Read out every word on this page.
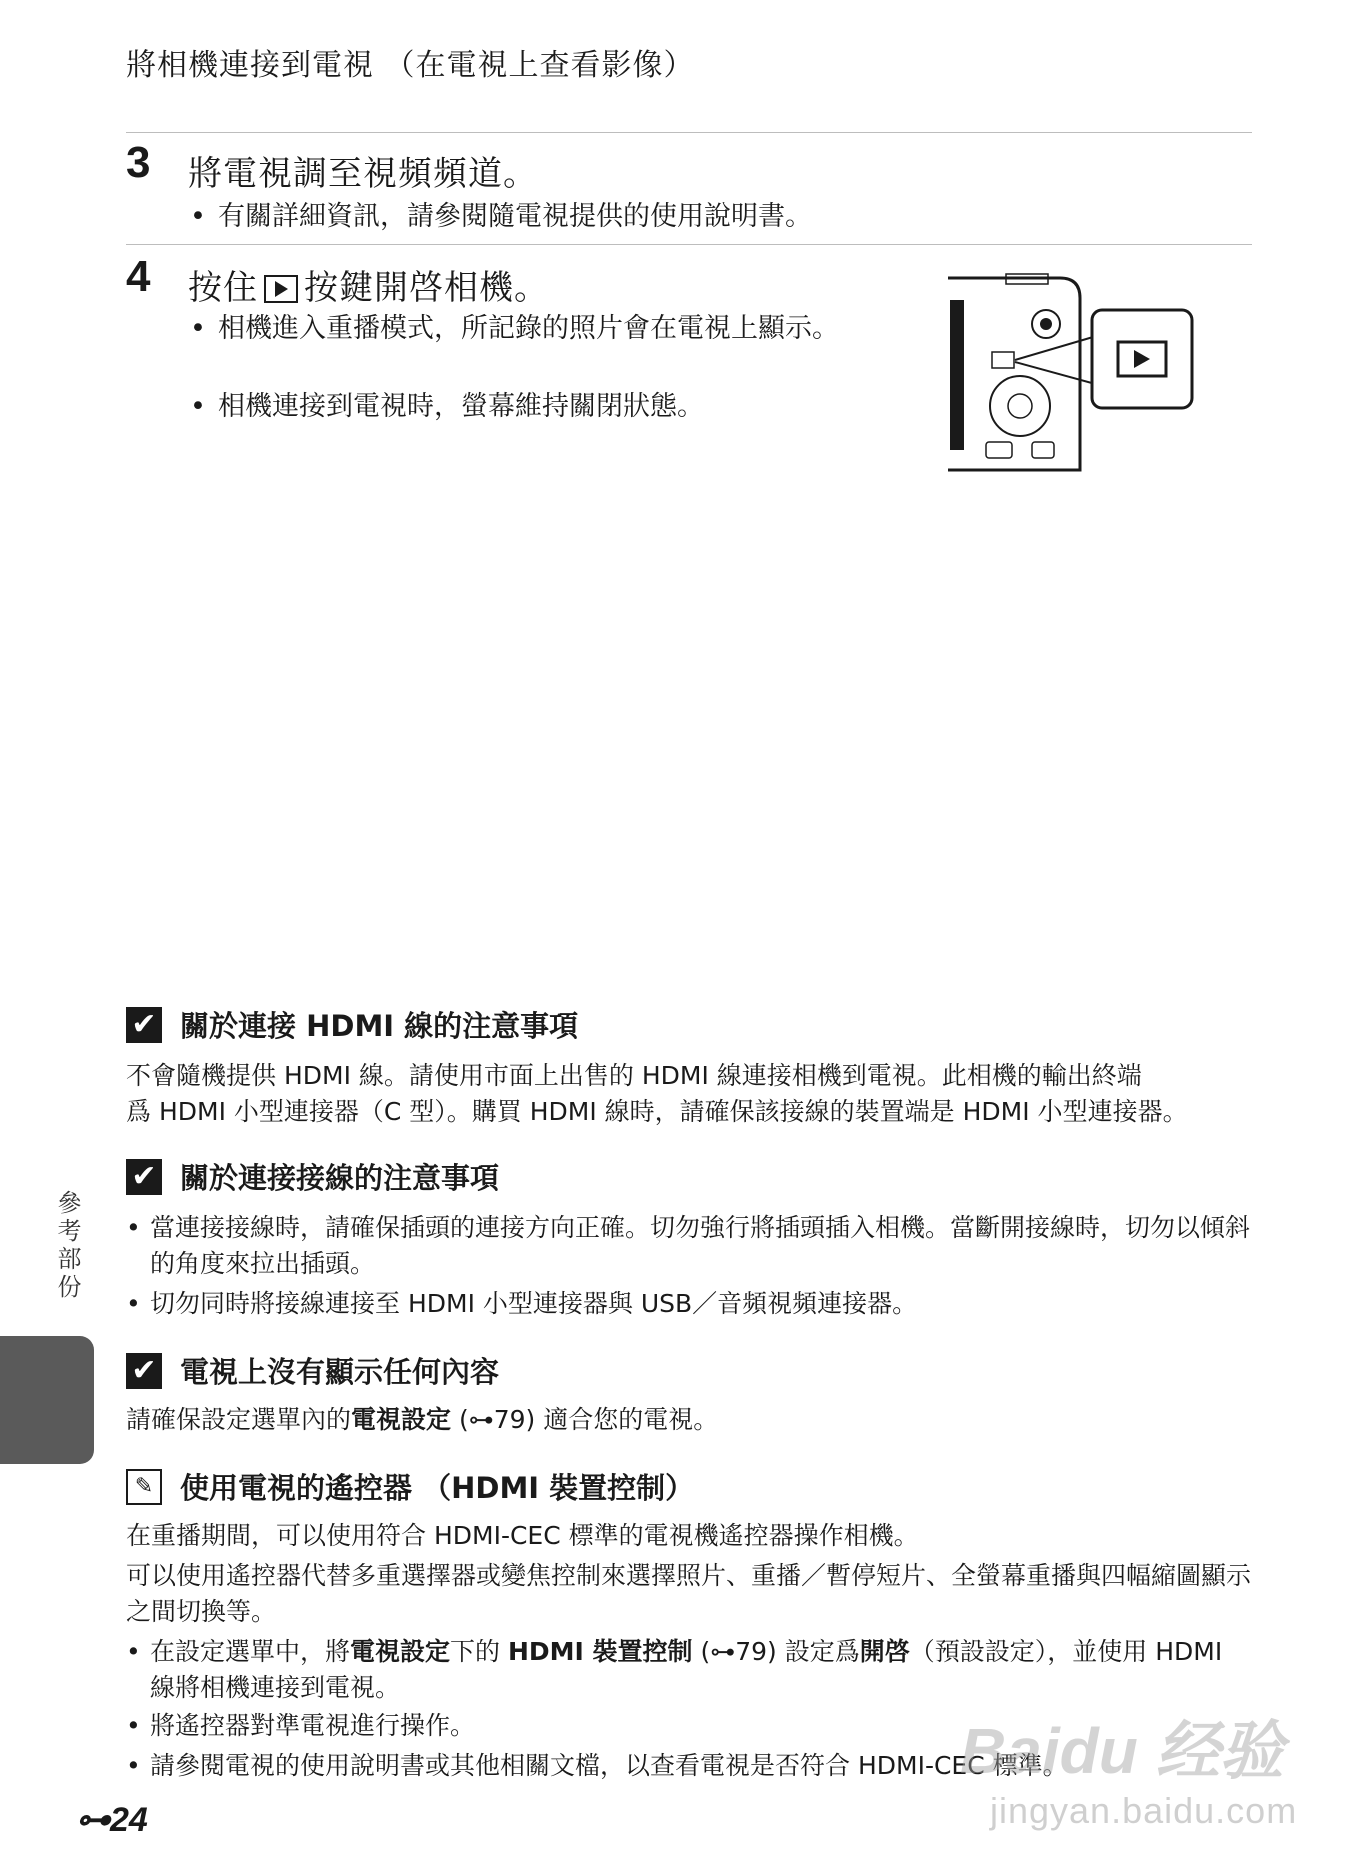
將相機連接到電視 （在電視上查看影像）
3 將電視調至視頻頻道。
• 有關詳細資訊，請參閱隨電視提供的使用說明書。
4 按住 按鍵開啓相機。
• 相機進入重播模式，所記錄的照片會在電視上顯示。
• 相機連接到電視時，螢幕維持關閉狀態。
✔ 關於連接 HDMI 線的注意事項
不會隨機提供 HDMI 線。請使用市面上出售的 HDMI 線連接相機到電視。此相機的輸出終端
爲 HDMI 小型連接器（C 型）。購買 HDMI 線時，請確保該接線的裝置端是 HDMI 小型連接器。
✔ 關於連接接線的注意事項
• 當連接接線時，請確保插頭的連接方向正確。切勿強行將插頭插入相機。當斷開接線時，切勿以傾斜的角度來拉出插頭。
• 切勿同時將接線連接至 HDMI 小型連接器與 USB／音頻視頻連接器。
✔ 電視上沒有顯示任何內容
請確保設定選單內的電視設定 (⊶79) 適合您的電視。
✎ 使用電視的遙控器 （HDMI 裝置控制）
在重播期間，可以使用符合 HDMI-CEC 標準的電視機遙控器操作相機。
可以使用遙控器代替多重選擇器或變焦控制來選擇照片、重播／暫停短片、全螢幕重播與四幅縮圖顯示之間切換等。
• 在設定選單中，將電視設定下的 HDMI 裝置控制 (⊶79) 設定爲開啓（預設設定），並使用 HDMI 線將相機連接到電視。
• 將遙控器對準電視進行操作。
• 請參閱電視的使用說明書或其他相關文檔，以查看電視是否符合 HDMI-CEC 標準。
參考部份
⊶24
Baidu 经验
jingyan.baidu.com
